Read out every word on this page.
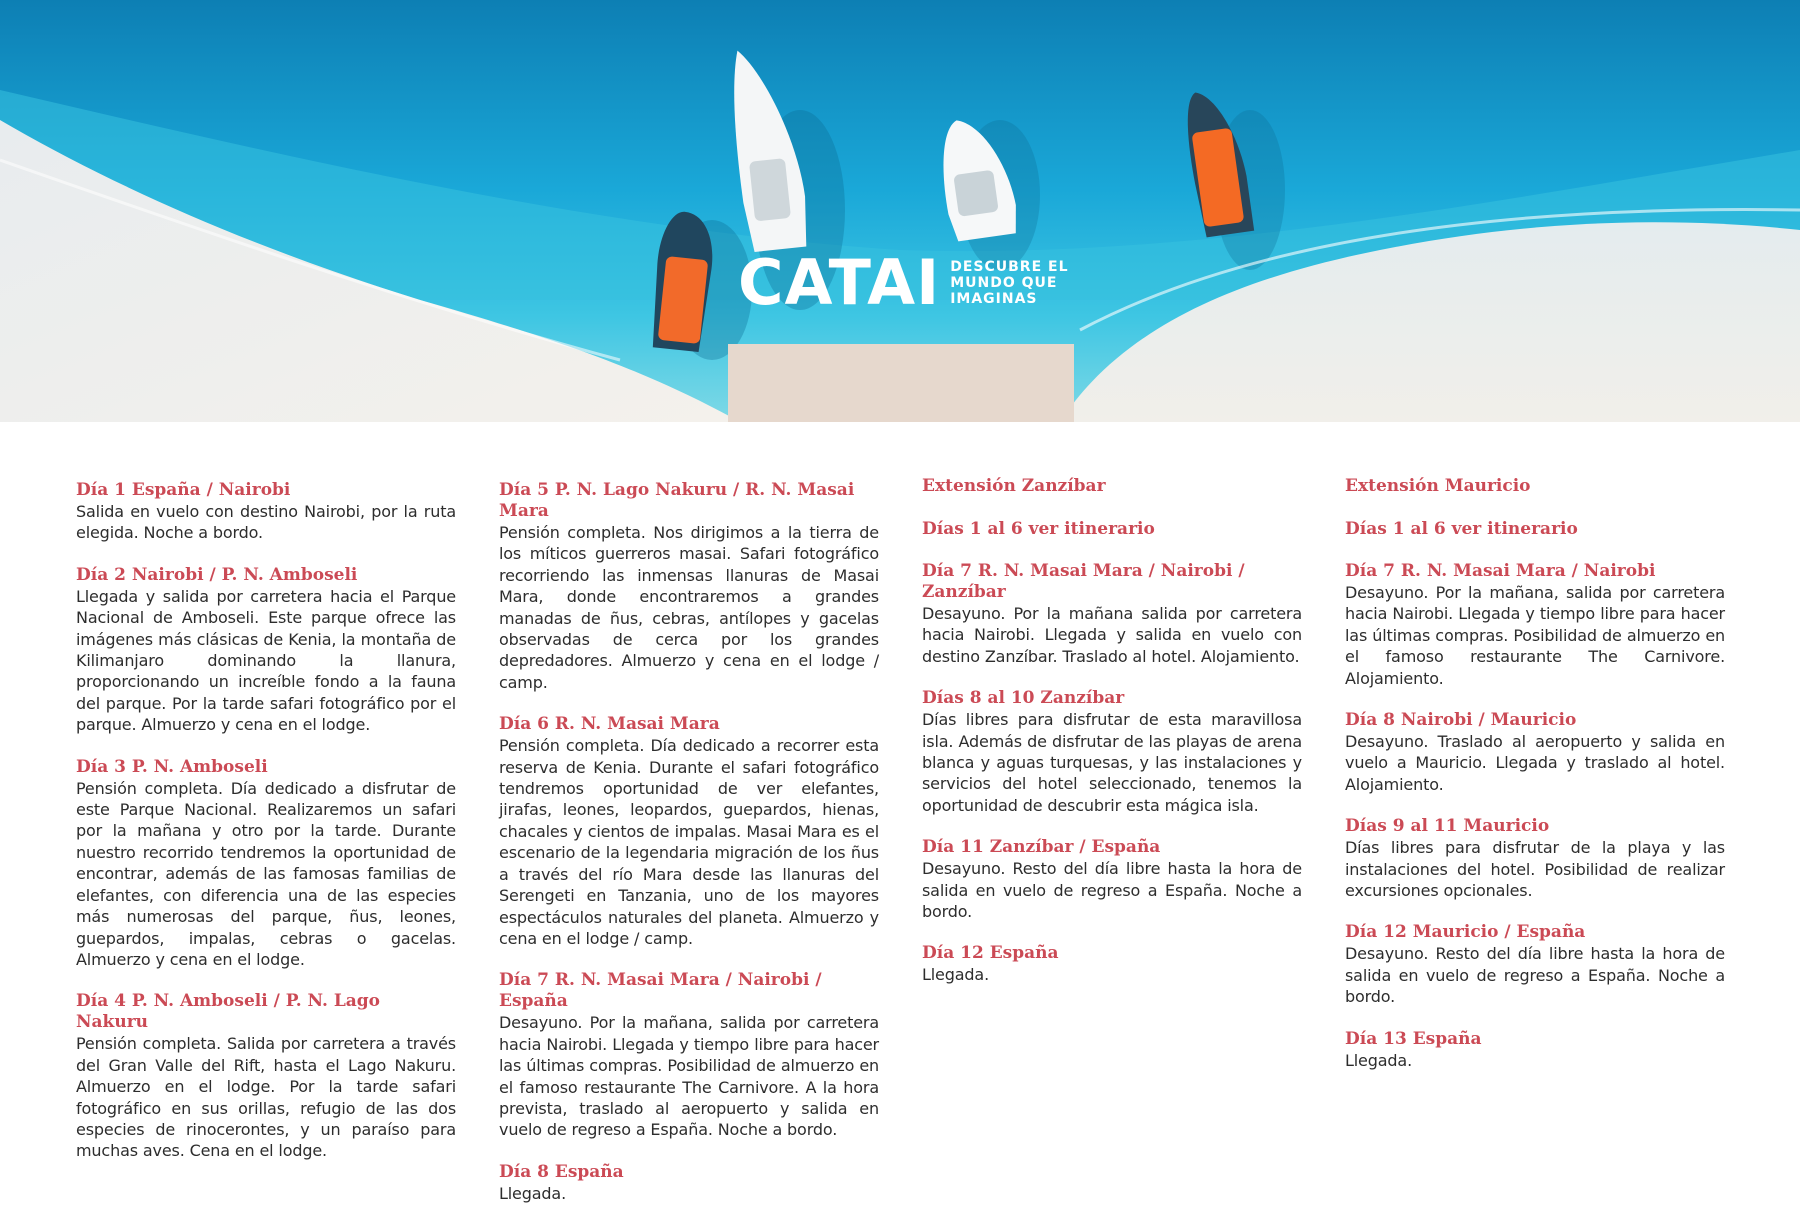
CATAI DESCUBRE EL
MUNDO QUE
IMAGINAS
Día 1 España / Nairobi
Salida en vuelo con destino Nairobi, por la ruta elegida. Noche a bordo.
Día 2 Nairobi / P. N. Amboseli
Llegada y salida por carretera hacia el Parque Nacional de Amboseli. Este parque ofrece las imágenes más clásicas de Kenia, la montaña de Kilimanjaro dominando la llanura, proporcionando un increíble fondo a la fauna del parque. Por la tarde safari fotográfico por el parque. Almuerzo y cena en el lodge.
Día 3 P. N. Amboseli
Pensión completa. Día dedicado a disfrutar de este Parque Nacional. Realizaremos un safari por la mañana y otro por la tarde. Durante nuestro recorrido tendremos la oportunidad de encontrar, además de las famosas familias de elefantes, con diferencia una de las especies más numerosas del parque, ñus, leones, guepardos, impalas, cebras o gacelas. Almuerzo y cena en el lodge.
Día 4 P. N. Amboseli / P. N. Lago Nakuru
Pensión completa. Salida por carretera a través del Gran Valle del Rift, hasta el Lago Nakuru. Almuerzo en el lodge. Por la tarde safari fotográfico en sus orillas, refugio de las dos especies de rinocerontes, y un paraíso para muchas aves. Cena en el lodge.
Día 5 P. N. Lago Nakuru / R. N. Masai Mara
Pensión completa. Nos dirigimos a la tierra de los míticos guerreros masai. Safari fotográfico recorriendo las inmensas llanuras de Masai Mara, donde encontraremos a grandes manadas de ñus, cebras, antílopes y gacelas observadas de cerca por los grandes depredadores. Almuerzo y cena en el lodge / camp.
Día 6 R. N. Masai Mara
Pensión completa. Día dedicado a recorrer esta reserva de Kenia. Durante el safari fotográfico tendremos oportunidad de ver elefantes, jirafas, leones, leopardos, guepardos, hienas, chacales y cientos de impalas. Masai Mara es el escenario de la legendaria migración de los ñus a través del río Mara desde las llanuras del Serengeti en Tanzania, uno de los mayores espectáculos naturales del planeta. Almuerzo y cena en el lodge / camp.
Día 7 R. N. Masai Mara / Nairobi / España
Desayuno. Por la mañana, salida por carretera hacia Nairobi. Llegada y tiempo libre para hacer las últimas compras. Posibilidad de almuerzo en el famoso restaurante The Carnivore. A la hora prevista, traslado al aeropuerto y salida en vuelo de regreso a España. Noche a bordo.
Día 8 España
Llegada.
Extensión Zanzíbar
Días 1 al 6 ver itinerario
Día 7 R. N. Masai Mara / Nairobi / Zanzíbar
Desayuno. Por la mañana salida por carretera hacia Nairobi. Llegada y salida en vuelo con destino Zanzíbar. Traslado al hotel. Alojamiento.
Días 8 al 10 Zanzíbar
Días libres para disfrutar de esta maravillosa isla. Además de disfrutar de las playas de arena blanca y aguas turquesas, y las instalaciones y servicios del hotel seleccionado, tenemos la oportunidad de descubrir esta mágica isla.
Día 11 Zanzíbar / España
Desayuno. Resto del día libre hasta la hora de salida en vuelo de regreso a España. Noche a bordo.
Día 12 España
Llegada.
Extensión Mauricio
Días 1 al 6 ver itinerario
Día 7 R. N. Masai Mara / Nairobi
Desayuno. Por la mañana, salida por carretera hacia Nairobi. Llegada y tiempo libre para hacer las últimas compras. Posibilidad de almuerzo en el famoso restaurante The Carnivore. Alojamiento.
Día 8 Nairobi / Mauricio
Desayuno. Traslado al aeropuerto y salida en vuelo a Mauricio. Llegada y traslado al hotel. Alojamiento.
Días 9 al 11 Mauricio
Días libres para disfrutar de la playa y las instalaciones del hotel. Posibilidad de realizar excursiones opcionales.
Día 12 Mauricio / España
Desayuno. Resto del día libre hasta la hora de salida en vuelo de regreso a España. Noche a bordo.
Día 13 España
Llegada.
